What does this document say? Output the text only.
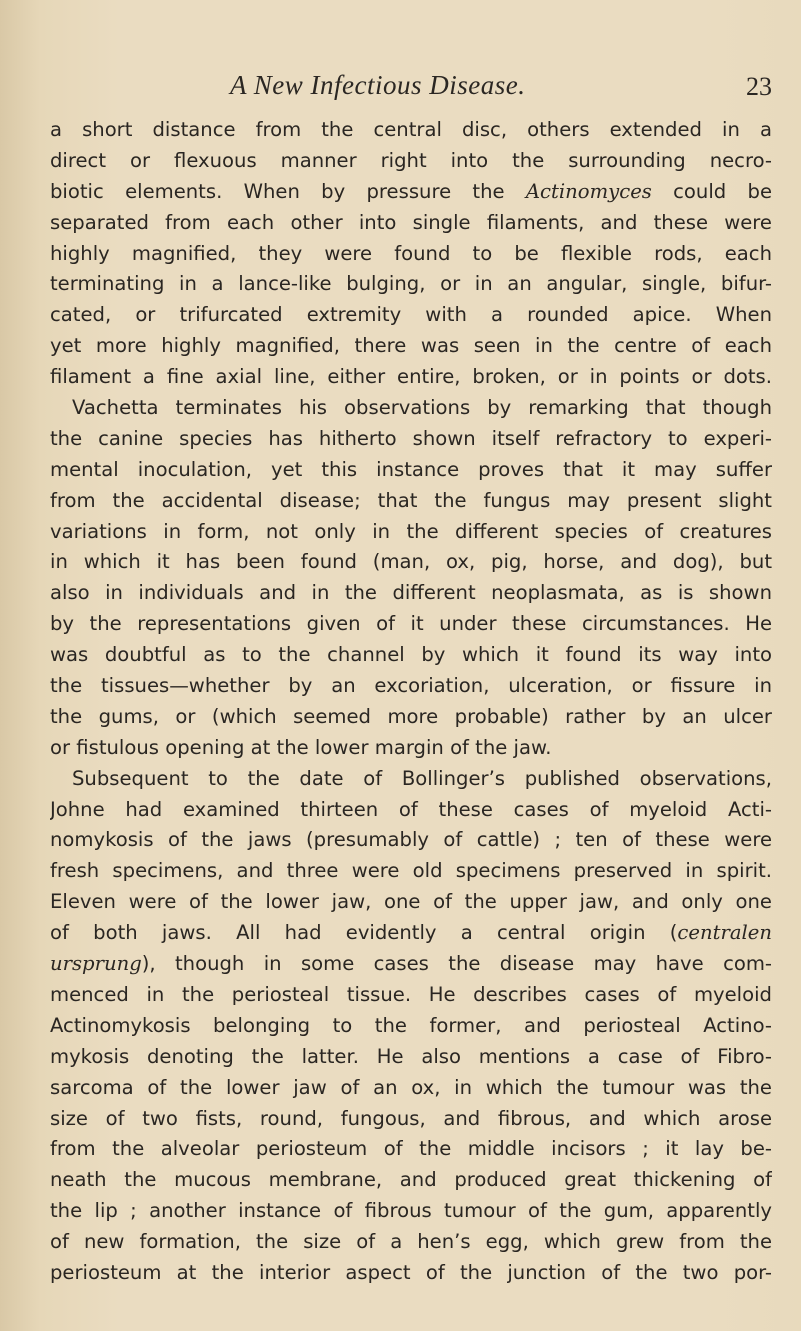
A New Infectious Disease.	23
a short distance from the central disc, others extended in a
direct or flexuous manner right into the surrounding necro-
biotic elements. When by pressure the Actinomyces could be
separated from each other into single filaments, and these were
highly magnified, they were found to be flexible rods, each
terminating in a lance-like bulging, or in an angular, single, bifur-
cated, or trifurcated extremity with a rounded apice. When
yet more highly magnified, there was seen in the centre of each
filament a fine axial line, either entire, broken, or in points or dots.
Vachetta terminates his observations by remarking that though
the canine species has hitherto shown itself refractory to experi-
mental inoculation, yet this instance proves that it may suffer
from the accidental disease; that the fungus may present slight
variations in form, not only in the different species of creatures
in which it has been found (man, ox, pig, horse, and dog), but
also in individuals and in the different neoplasmata, as is shown
by the representations given of it under these circumstances. He
was doubtful as to the channel by which it found its way into
the tissues—whether by an excoriation, ulceration, or fissure in
the gums, or (which seemed more probable) rather by an ulcer
or fistulous opening at the lower margin of the jaw.
Subsequent to the date of Bollinger’s published observations,
Johne had examined thirteen of these cases of myeloid Acti-
nomykosis of the jaws (presumably of cattle) ; ten of these were
fresh specimens, and three were old specimens preserved in spirit.
Eleven were of the lower jaw, one of the upper jaw, and only one
of both jaws. All had evidently a central origin (centralen
ursprung), though in some cases the disease may have com-
menced in the periosteal tissue. He describes cases of myeloid
Actinomykosis belonging to the former, and periosteal Actino-
mykosis denoting the latter. He also mentions a case of Fibro-
sarcoma of the lower jaw of an ox, in which the tumour was the
size of two fists, round, fungous, and fibrous, and which arose
from the alveolar periosteum of the middle incisors ; it lay be-
neath the mucous membrane, and produced great thickening of
the lip ; another instance of fibrous tumour of the gum, apparently
of new formation, the size of a hen’s egg, which grew from the
periosteum at the interior aspect of the junction of the two por-
